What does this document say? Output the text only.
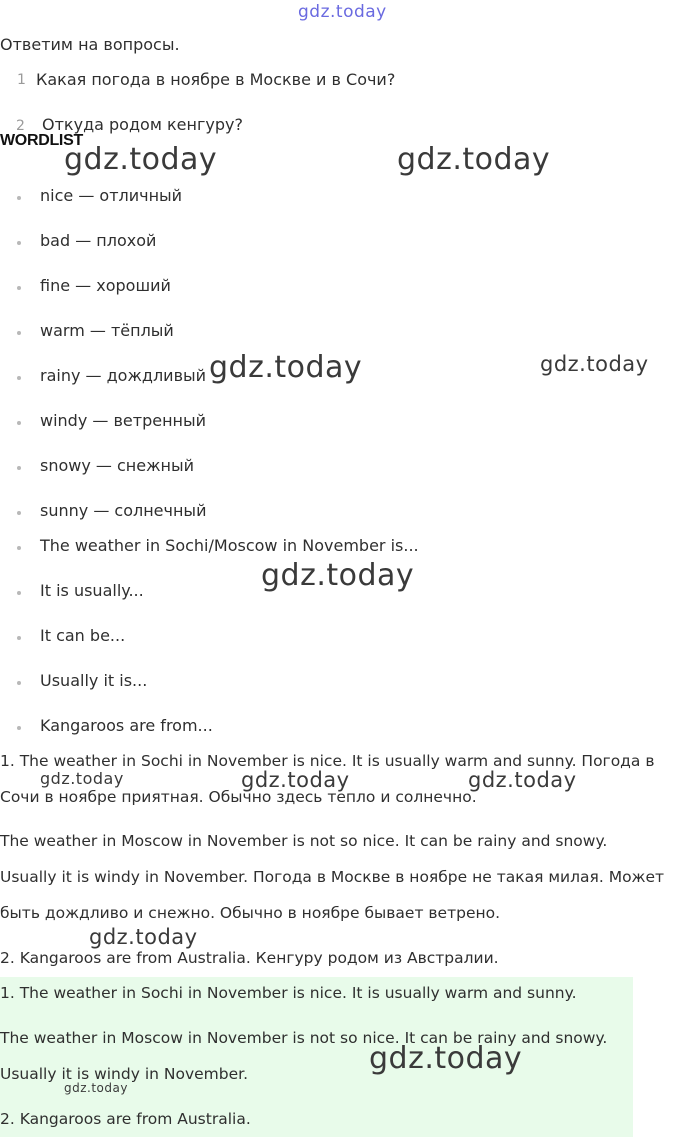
gdz.today
Ответим на вопросы.
1 Какая погода в ноябре в Москве и в Сочи?
2 Откуда родом кенгуру?
WORDLIST
gdz.today	gdz.today
nice — отличный
bad — плохой
fine — хороший
warm — тёплый
rainy — дождливый
windy — ветренный
snowy — снежный
sunny — солнечный
The weather in Sochi/Moscow in November is...
It is usually...
It can be...
Usually it is...
Kangaroos are from...
gdz.today	gdz.today
gdz.today
1. The weather in Sochi in November is nice. It is usually warm and sunny. Погода в
gdz.today	gdz.today	gdz.today
Сочи в ноябре приятная. Обычно здесь тепло и солнечно.
The weather in Moscow in November is not so nice. It can be rainy and snowy.
Usually it is windy in November. Погода в Москве в ноябре не такая милая. Может
быть дождливо и снежно. Обычно в ноябре бывает ветрено.
gdz.today
2. Kangaroos are from Australia. Кенгуру родом из Австралии.
1. The weather in Sochi in November is nice. It is usually warm and sunny.
The weather in Moscow in November is not so nice. It can be rainy and snowy.
gdz.today
Usually it is windy in November.
gdz.today
2. Kangaroos are from Australia.
